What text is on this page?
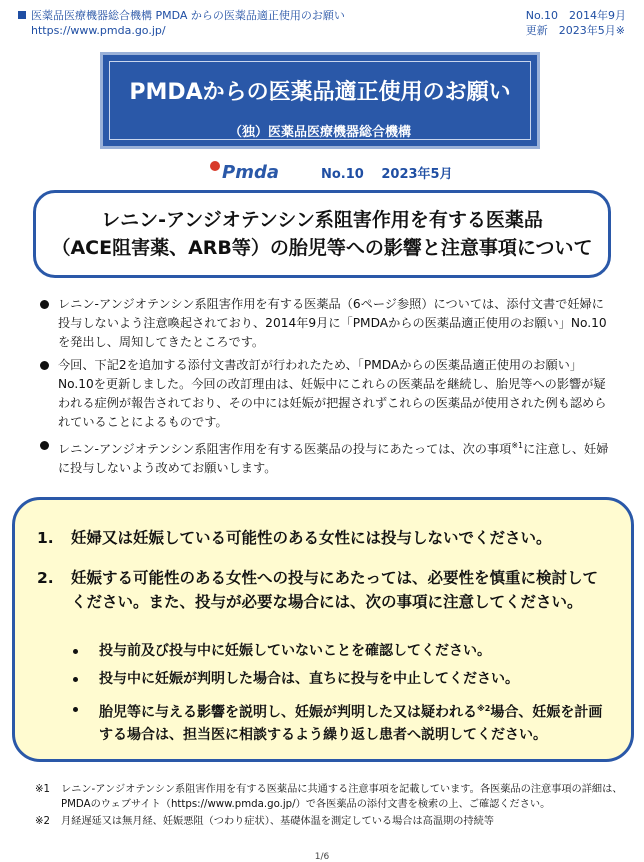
医薬品医療機器総合機構 PMDA からの医薬品適正使用のお願い
https://www.pmda.go.jp/
No.10　2014年9月
更新　2023年5月※
PMDAからの医薬品適正使用のお願い
（独）医薬品医療機器総合機構
Pmda	No.10　 2023年5月
レニン-アンジオテンシン系阻害作用を有する医薬品
（ACE阻害薬、ARB等）の胎児等への影響と注意事項について
レニン-アンジオテンシン系阻害作用を有する医薬品（6ページ参照）については、添付文書で妊婦に投与しないよう注意喚起されており、2014年9月に「PMDAからの医薬品適正使用のお願い」No.10を発出し、周知してきたところです。
今回、下記2を追加する添付文書改訂が行われたため、「PMDAからの医薬品適正使用のお願い」No.10を更新しました。今回の改訂理由は、妊娠中にこれらの医薬品を継続し、胎児等への影響が疑われる症例が報告されており、その中には妊娠が把握されずこれらの医薬品が使用された例も認められていることによるものです。
レニン-アンジオテンシン系阻害作用を有する医薬品の投与にあたっては、次の事項$^{※1}$に注意し、妊婦に投与しないよう改めてお願いします。
1. 妊婦又は妊娠している可能性のある女性には投与しないでください。
2. 妊娠する可能性のある女性への投与にあたっては、必要性を慎重に検討してください。また、投与が必要な場合には、次の事項に注意してください。
投与前及び投与中に妊娠していないことを確認してください。
投与中に妊娠が判明した場合は、直ちに投与を中止してください。
胎児等に与える影響を説明し、妊娠が判明した又は疑われる$^{※2}$場合、妊娠を計画する場合は、担当医に相談するよう繰り返し患者へ説明してください。
※1 レニン-アンジオテンシン系阻害作用を有する医薬品に共通する注意事項を記載しています。各医薬品の注意事項の詳細は、PMDAのウェブサイト（https://www.pmda.go.jp/）で各医薬品の添付文書を検索の上、ご確認ください。
※2 月経遅延又は無月経、妊娠悪阻（つわり症状）、基礎体温を測定している場合は高温期の持続等
1/6
